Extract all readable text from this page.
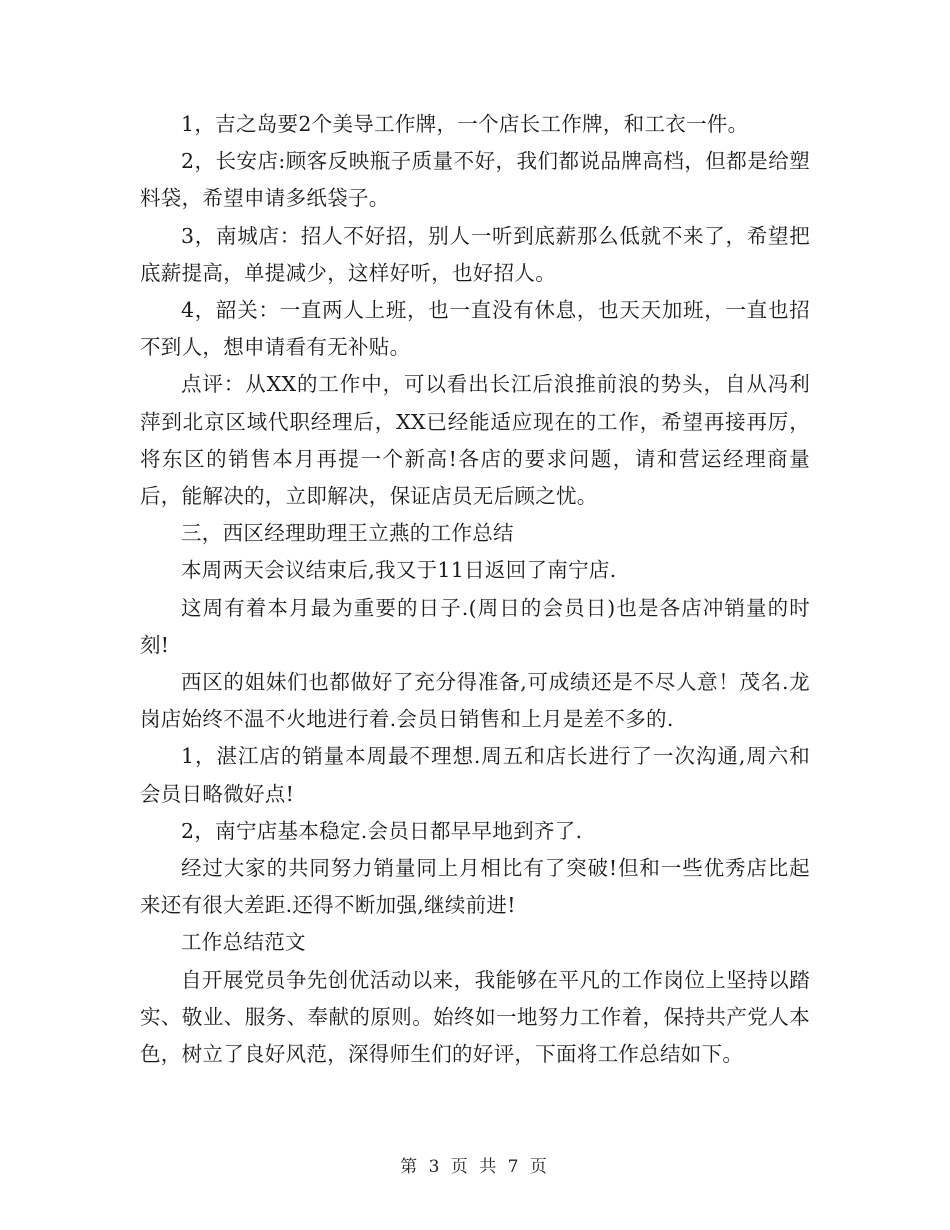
1，吉之岛要2个美导工作牌，一个店长工作牌，和工衣一件。

2，长安店:顾客反映瓶子质量不好，我们都说品牌高档，但都是给塑料袋，希望申请多纸袋子。

3，南城店：招人不好招，别人一听到底薪那么低就不来了，希望把底薪提高，单提减少，这样好听，也好招人。

4，韶关：一直两人上班，也一直没有休息，也天天加班，一直也招不到人，想申请看有无补贴。

点评：从XX的工作中，可以看出长江后浪推前浪的势头，自从冯利萍到北京区域代职经理后，XX已经能适应现在的工作，希望再接再厉，将东区的销售本月再提一个新高!各店的要求问题，请和营运经理商量后，能解决的，立即解决，保证店员无后顾之忧。

三，西区经理助理王立燕的工作总结

本周两天会议结束后,我又于11日返回了南宁店.

这周有着本月最为重要的日子.(周日的会员日)也是各店冲销量的时刻!

西区的姐妹们也都做好了充分得准备,可成绩还是不尽人意！茂名.龙岗店始终不温不火地进行着.会员日销售和上月是差不多的.

1，湛江店的销量本周最不理想.周五和店长进行了一次沟通,周六和会员日略微好点!

2，南宁店基本稳定.会员日都早早地到齐了.

经过大家的共同努力销量同上月相比有了突破!但和一些优秀店比起来还有很大差距.还得不断加强,继续前进!

工作总结范文

自开展党员争先创优活动以来，我能够在平凡的工作岗位上坚持以踏实、敬业、服务、奉献的原则。始终如一地努力工作着，保持共产党人本色，树立了良好风范，深得师生们的好评，下面将工作总结如下。

第 3 页 共 7 页
